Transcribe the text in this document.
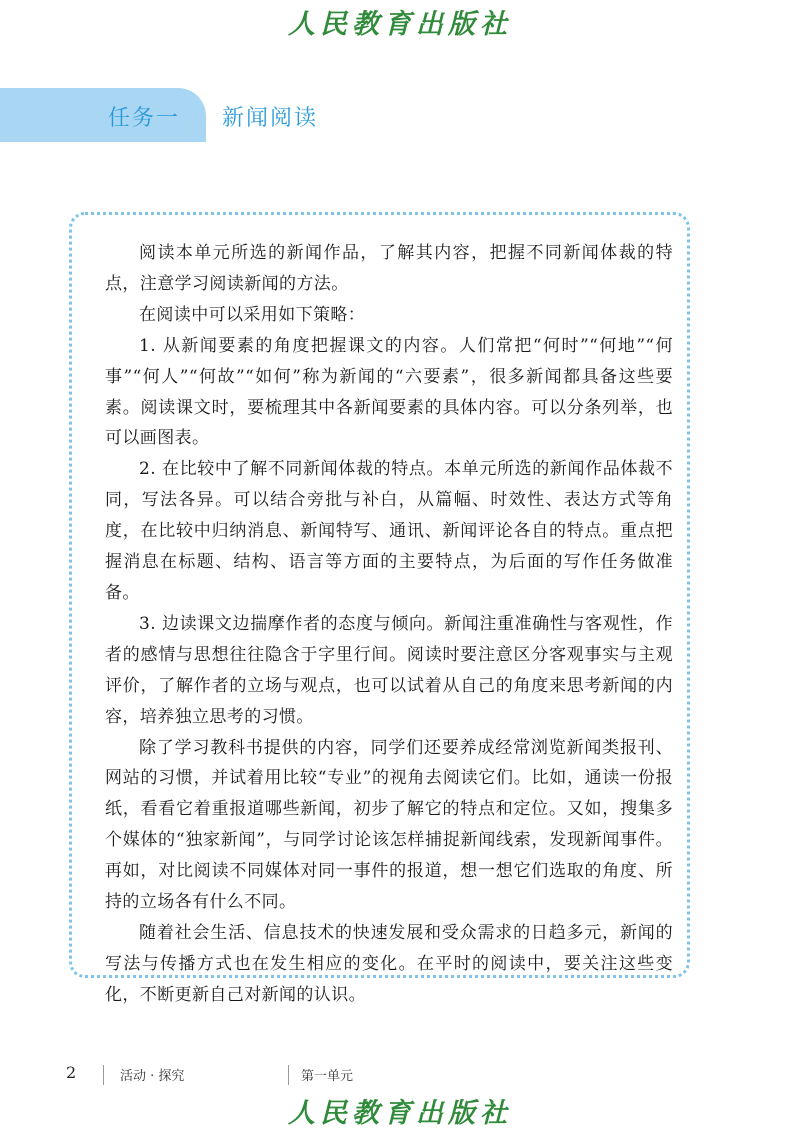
人民教育出版社
任务一 新闻阅读

阅读本单元所选的新闻作品，了解其内容，把握不同新闻体裁的特点，注意学习阅读新闻的方法。

在阅读中可以采用如下策略：

1. 从新闻要素的角度把握课文的内容。人们常把“何时”“何地”“何事”“何人”“何故”“如何”称为新闻的“六要素”，很多新闻都具备这些要素。阅读课文时，要梳理其中各新闻要素的具体内容。可以分条列举，也可以画图表。

2. 在比较中了解不同新闻体裁的特点。本单元所选的新闻作品体裁不同，写法各异。可以结合旁批与补白，从篇幅、时效性、表达方式等角度，在比较中归纳消息、新闻特写、通讯、新闻评论各自的特点。重点把握消息在标题、结构、语言等方面的主要特点，为后面的写作任务做准备。

3. 边读课文边揣摩作者的态度与倾向。新闻注重准确性与客观性，作者的感情与思想往往隐含于字里行间。阅读时要注意区分客观事实与主观评价，了解作者的立场与观点，也可以试着从自己的角度来思考新闻的内容，培养独立思考的习惯。

除了学习教科书提供的内容，同学们还要养成经常浏览新闻类报刊、网站的习惯，并试着用比较“专业”的视角去阅读它们。比如，通读一份报纸，看看它着重报道哪些新闻，初步了解它的特点和定位。又如，搜集多个媒体的“独家新闻”，与同学讨论该怎样捕捉新闻线索，发现新闻事件。再如，对比阅读不同媒体对同一事件的报道，想一想它们选取的角度、所持的立场各有什么不同。

随着社会生活、信息技术的快速发展和受众需求的日趋多元，新闻的写法与传播方式也在发生相应的变化。在平时的阅读中，要关注这些变化，不断更新自己对新闻的认识。

2	活动 · 探究	第一单元
人民教育出版社
